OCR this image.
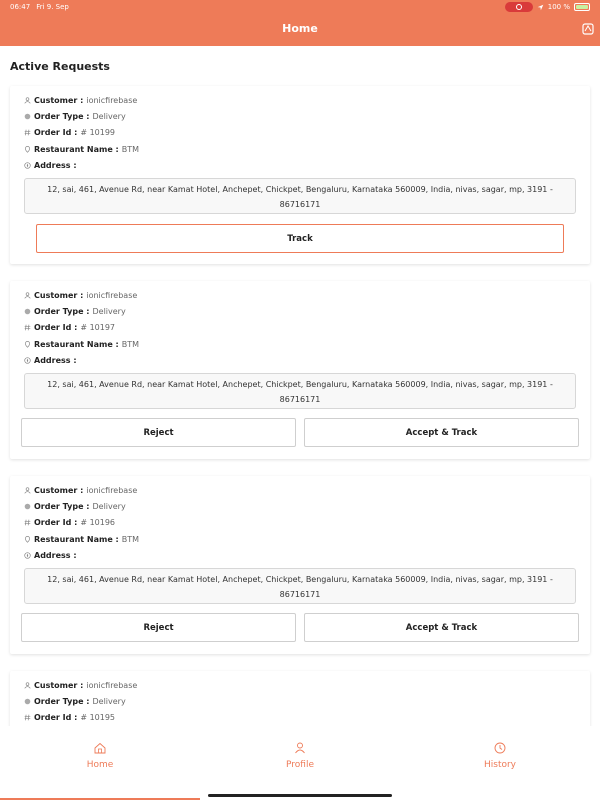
06:47 Fri 9. Sep	100 %
Home
Active Requests
Customer : ionicfirebase
Order Type : Delivery
Order Id : # 10199
Restaurant Name : BTM
Address :
12, sai, 461, Avenue Rd, near Kamat Hotel, Anchepet, Chickpet, Bengaluru, Karnataka 560009, India, nivas, sagar, mp, 3191 - 86716171
Track
Customer : ionicfirebase
Order Type : Delivery
Order Id : # 10197
Restaurant Name : BTM
Address :
12, sai, 461, Avenue Rd, near Kamat Hotel, Anchepet, Chickpet, Bengaluru, Karnataka 560009, India, nivas, sagar, mp, 3191 - 86716171
Reject	Accept & Track
Customer : ionicfirebase
Order Type : Delivery
Order Id : # 10196
Restaurant Name : BTM
Address :
12, sai, 461, Avenue Rd, near Kamat Hotel, Anchepet, Chickpet, Bengaluru, Karnataka 560009, India, nivas, sagar, mp, 3191 - 86716171
Reject	Accept & Track
Customer : ionicfirebase
Order Type : Delivery
Order Id : # 10195
Home	Profile	History
